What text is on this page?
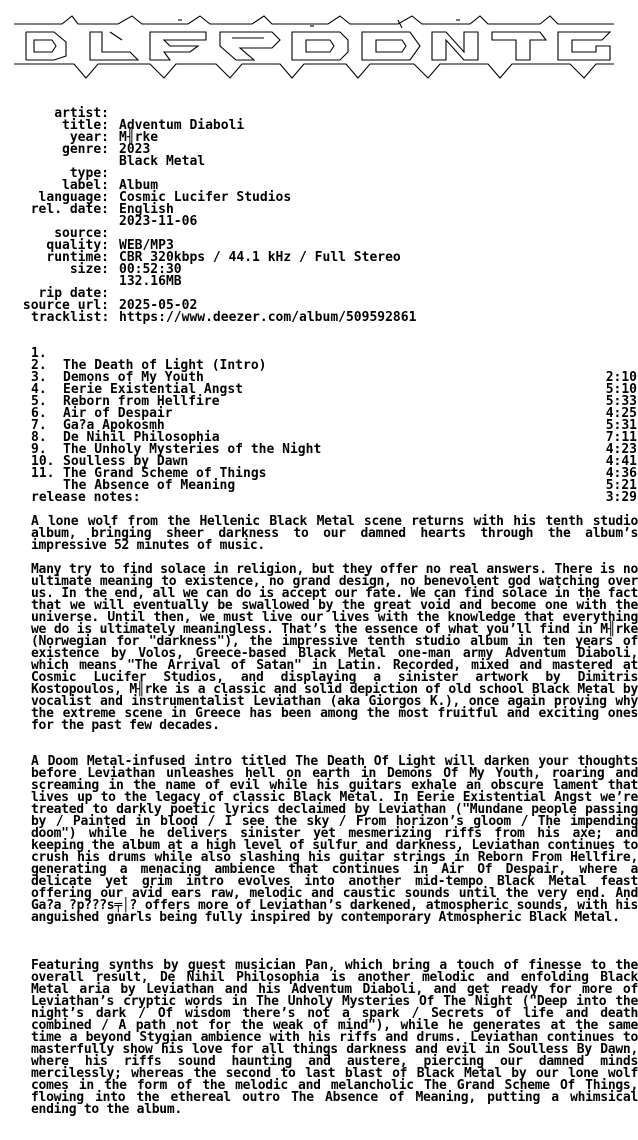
artist:

Adventum Diaboli

title:

M╢rke

year:

2023

genre:

Black Metal

type:

Album

label:

Cosmic Lucifer Studios

language:

English

rel. date:

2023-11-06

source:

WEB/MP3

quality:

CBR 320kbps / 44.1 kHz / Full Stereo

runtime:

00:52:30

size:

132.16MB

rip date:

2025-05-02

source url:

https://www.deezer.com/album/509592861

tracklist:

1.

The Death of Light (Intro)

2:10

2.

Demons of My Youth

5:10

3.

Eerie Existential Angst

5:33

4.

Reborn from Hellfire

4:25

5.

Air of Despair

5:31

6.

Ga?a Apokosmh

7:11

7.

De Nihil Philosophia

4:23

8.

The Unholy Mysteries of the Night

4:41

9.

Soulless by Dawn

4:36

10.

The Grand Scheme of Things

5:21

11.

The Absence of Meaning

3:29

release notes:
A lone wolf from the Hellenic Black Metal scene returns with his tenth studio album, bringing sheer darkness to our damned hearts through the album’s impressive 52 minutes of music.
Many try to find solace in religion, but they offer no real answers. There is no ultimate meaning to existence, no grand design, no benevolent god watching over us. In the end, all we can do is accept our fate. We can find solace in the fact that we will eventually be swallowed by the great void and become one with the universe. Until then, we must live our lives with the knowledge that everything we do is ultimately meaningless. That’s the essence of what you’ll find in M╢rke (Norwegian for "darkness"), the impressive tenth studio album in ten years of existence by Volos, Greece-based Black Metal one-man army Adventum Diaboli, which means "The Arrival of Satan" in Latin. Recorded, mixed and mastered at Cosmic Lucifer Studios, and displaying a sinister artwork by Dimitris Kostopoulos, M╢rke is a classic and solid depiction of old school Black Metal by vocalist and instrumentalist Leviathan (aka Giorgos K.), once again proving why the extreme scene in Greece has been among the most fruitful and exciting ones for the past few decades.
A Doom Metal-infused intro titled The Death Of Light will darken your thoughts before Leviathan unleashes hell on earth in Demons Of My Youth, roaring and screaming in the name of evil while his guitars exhale an obscure lament that lives up to the legacy of classic Black Metal. In Eerie Existential Angst we’re treated to darkly poetic lyrics declaimed by Leviathan ("Mundane people passing by / Painted in blood / I see the sky / From horizon’s gloom / The impending doom") while he delivers sinister yet mesmerizing riffs from his axe; and keeping the album at a high level of sulfur and darkness, Leviathan continues to crush his drums while also slashing his guitar strings in Reborn From Hellfire, generating a menacing ambience that continues in Air Of Despair, where a delicate yet grim intro evolves into another mid-tempo Black Metal feast offering our avid ears raw, melodic and caustic sounds until the very end. And Ga?a ?p???s╤│? offers more of Leviathan’s darkened, atmospheric sounds, with his anguished gnarls being fully inspired by contemporary Atmospheric Black Metal.
Featuring synths by guest musician Pan, which bring a touch of finesse to the overall result, De Nihil Philosophia is another melodic and enfolding Black Metal aria by Leviathan and his Adventum Diaboli, and get ready for more of Leviathan’s cryptic words in The Unholy Mysteries Of The Night ("Deep into the night’s dark / Of wisdom there’s not a spark / Secrets of life and death combined / A path not for the weak of mind"), while he generates at the same time a beyond Stygian ambience with his riffs and drums. Leviathan continues to masterfully show his love for all things darkness and evil in Soulless By Dawn, where his riffs sound haunting and austere, piercing our damned minds mercilessly; whereas the second to last blast of Black Metal by our lone wolf comes in the form of the melodic and melancholic The Grand Scheme Of Things, flowing into the ethereal outro The Absence of Meaning, putting a whimsical ending to the album.
